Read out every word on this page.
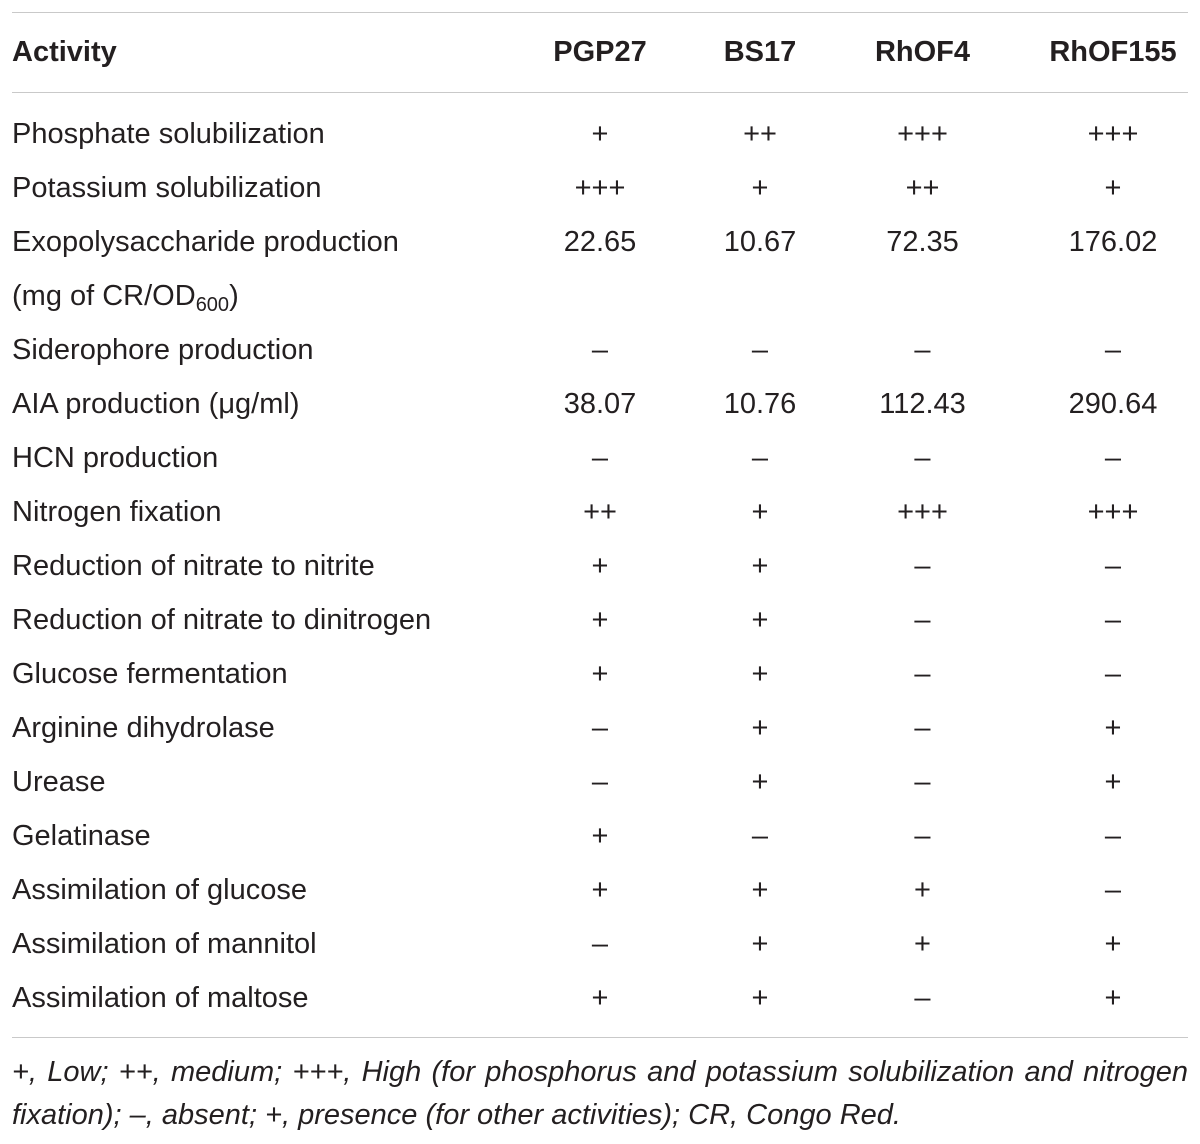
Activity	PGP27	BS17	RhOF4	RhOF155
Phosphate solubilization	+	++	+++	+++
Potassium solubilization	+++	+	++	+
Exopolysaccharide production	22.65	10.67	72.35	176.02
(mg of $CR/OD_{600}$)
Siderophore production	–	–	–	–
AIA production (μg/ml)	38.07	10.76	112.43	290.64
HCN production	–	–	–	–
Nitrogen fixation	++	+	+++	+++
Reduction of nitrate to nitrite	+	+	–	–
Reduction of nitrate to dinitrogen	+	+	–	–
Glucose fermentation	+	+	–	–
Arginine dihydrolase	–	+	–	+
Urease	–	+	–	+
Gelatinase	+	–	–	–
Assimilation of glucose	+	+	+	–
Assimilation of mannitol	–	+	+	+
Assimilation of maltose	+	+	–	+
+, Low; ++, medium; +++, High (for phosphorus and potassium solubilization and nitrogen fixation); –, absent; +, presence (for other activities); CR, Congo Red.
